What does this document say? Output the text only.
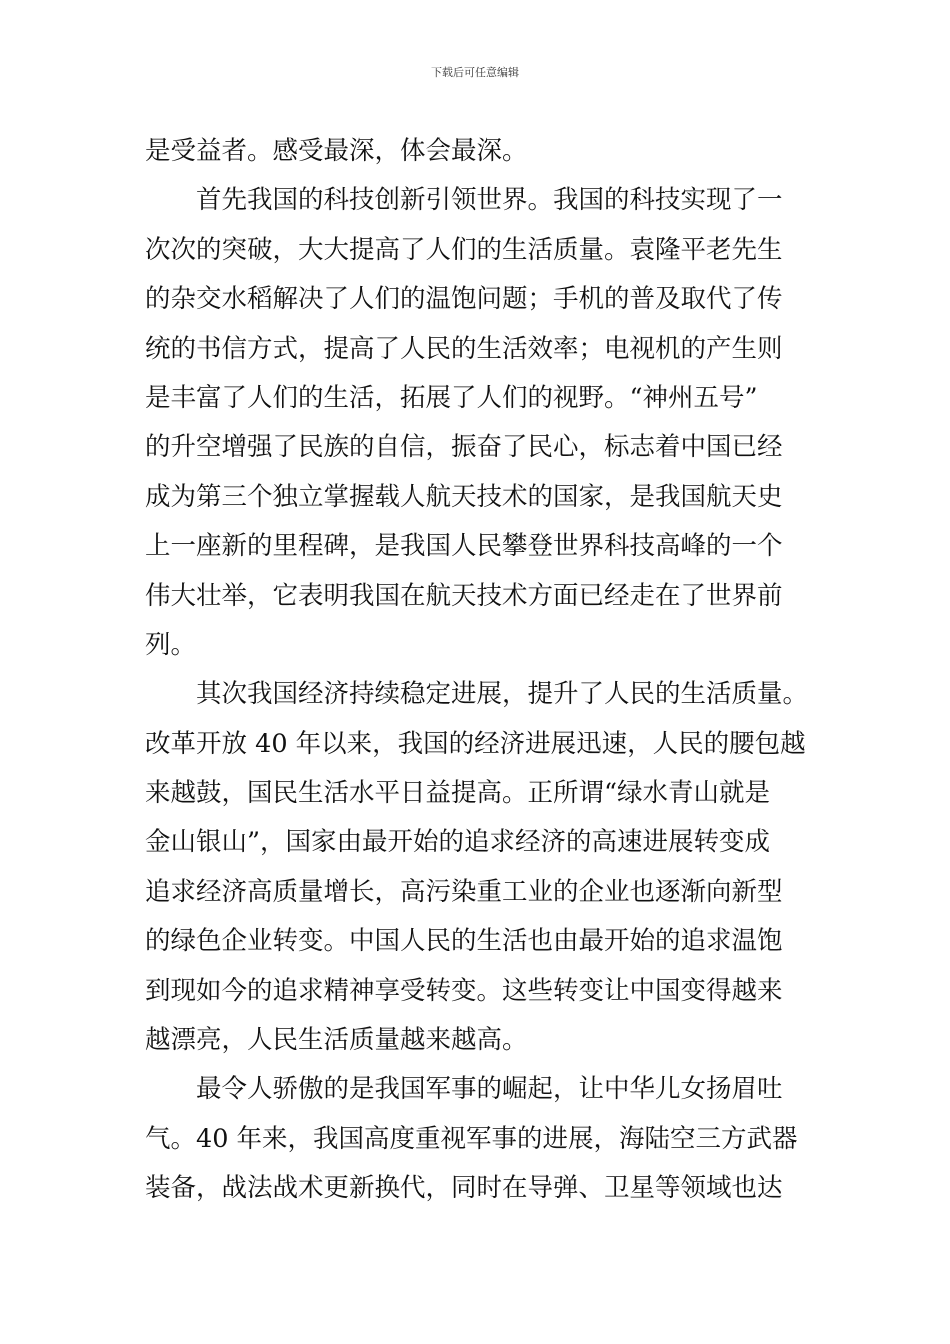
下载后可任意编辑
是受益者。感受最深，体会最深。
首先我国的科技创新引领世界。我国的科技实现了一
次次的突破，大大提高了人们的生活质量。袁隆平老先生
的杂交水稻解决了人们的温饱问题；手机的普及取代了传
统的书信方式，提高了人民的生活效率；电视机的产生则
是丰富了人们的生活，拓展了人们的视野。“神州五号”
的升空增强了民族的自信，振奋了民心，标志着中国已经
成为第三个独立掌握载人航天技术的国家，是我国航天史
上一座新的里程碑，是我国人民攀登世界科技高峰的一个
伟大壮举，它表明我国在航天技术方面已经走在了世界前
列。
其次我国经济持续稳定进展，提升了人民的生活质量。
改革开放 40 年以来，我国的经济进展迅速，人民的腰包越
来越鼓，国民生活水平日益提高。正所谓“绿水青山就是
金山银山”，国家由最开始的追求经济的高速进展转变成
追求经济高质量增长，高污染重工业的企业也逐渐向新型
的绿色企业转变。中国人民的生活也由最开始的追求温饱
到现如今的追求精神享受转变。这些转变让中国变得越来
越漂亮，人民生活质量越来越高。
最令人骄傲的是我国军事的崛起，让中华儿女扬眉吐
气。40 年来，我国高度重视军事的进展，海陆空三方武器
装备，战法战术更新换代，同时在导弹、卫星等领域也达
